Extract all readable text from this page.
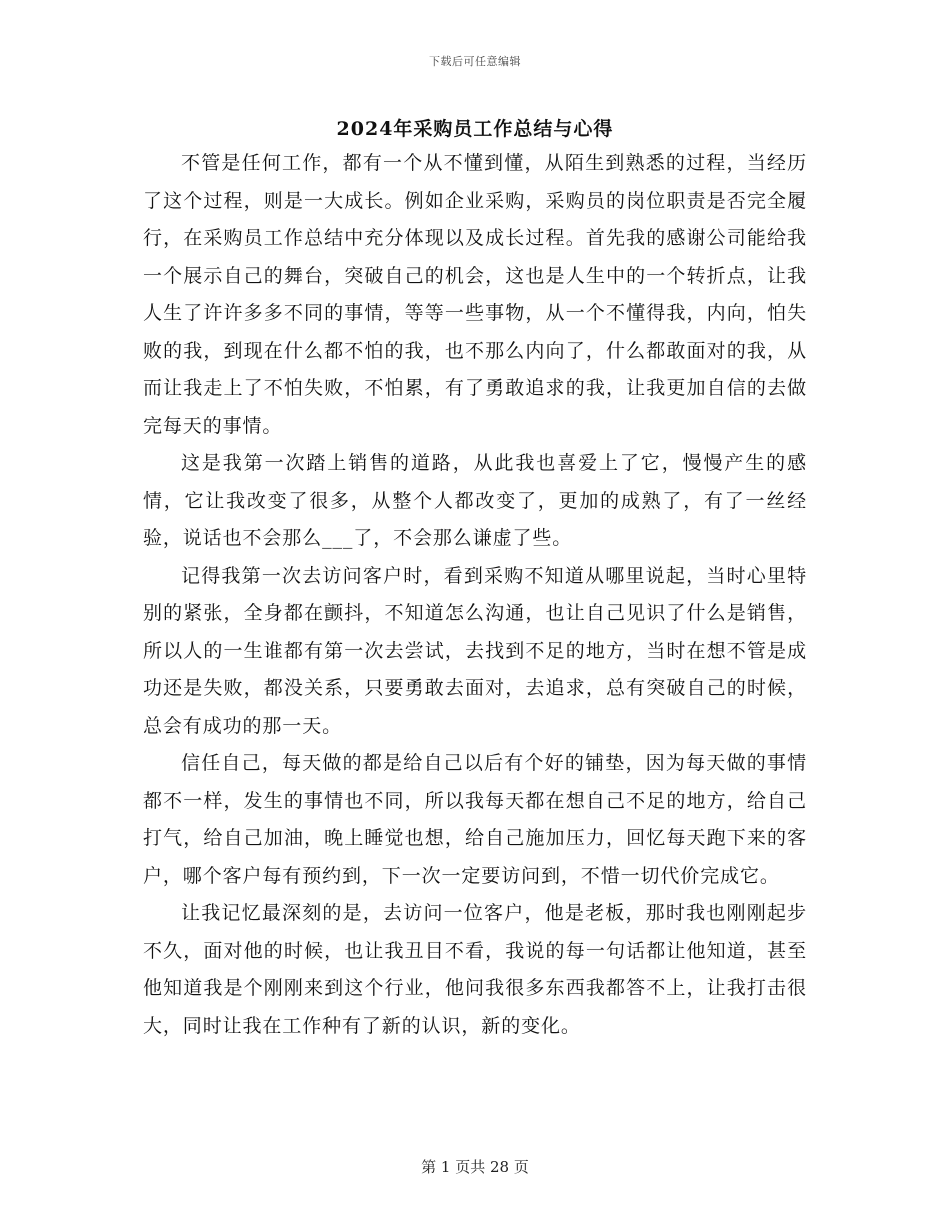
下载后可任意编辑
2024年采购员工作总结与心得

不管是任何工作，都有一个从不懂到懂，从陌生到熟悉的过程，当经历了这个过程，则是一大成长。例如企业采购，采购员的岗位职责是否完全履行，在采购员工作总结中充分体现以及成长过程。首先我的感谢公司能给我一个展示自己的舞台，突破自己的机会，这也是人生中的一个转折点，让我人生了许许多多不同的事情，等等一些事物，从一个不懂得我，内向，怕失败的我，到现在什么都不怕的我，也不那么内向了，什么都敢面对的我，从而让我走上了不怕失败，不怕累，有了勇敢追求的我，让我更加自信的去做完每天的事情。

这是我第一次踏上销售的道路，从此我也喜爱上了它，慢慢产生的感情，它让我改变了很多，从整个人都改变了，更加的成熟了，有了一丝经验，说话也不会那么___了，不会那么谦虚了些。

记得我第一次去访问客户时，看到采购不知道从哪里说起，当时心里特别的紧张，全身都在颤抖，不知道怎么沟通，也让自己见识了什么是销售，所以人的一生谁都有第一次去尝试，去找到不足的地方，当时在想不管是成功还是失败，都没关系，只要勇敢去面对，去追求，总有突破自己的时候，总会有成功的那一天。

信任自己，每天做的都是给自己以后有个好的铺垫，因为每天做的事情都不一样，发生的事情也不同，所以我每天都在想自己不足的地方，给自己打气，给自己加油，晚上睡觉也想，给自己施加压力，回忆每天跑下来的客户，哪个客户每有预约到，下一次一定要访问到，不惜一切代价完成它。

让我记忆最深刻的是，去访问一位客户，他是老板，那时我也刚刚起步不久，面对他的时候，也让我丑目不看，我说的每一句话都让他知道，甚至他知道我是个刚刚来到这个行业，他问我很多东西我都答不上，让我打击很大，同时让我在工作种有了新的认识，新的变化。

第 1 页共 28 页
